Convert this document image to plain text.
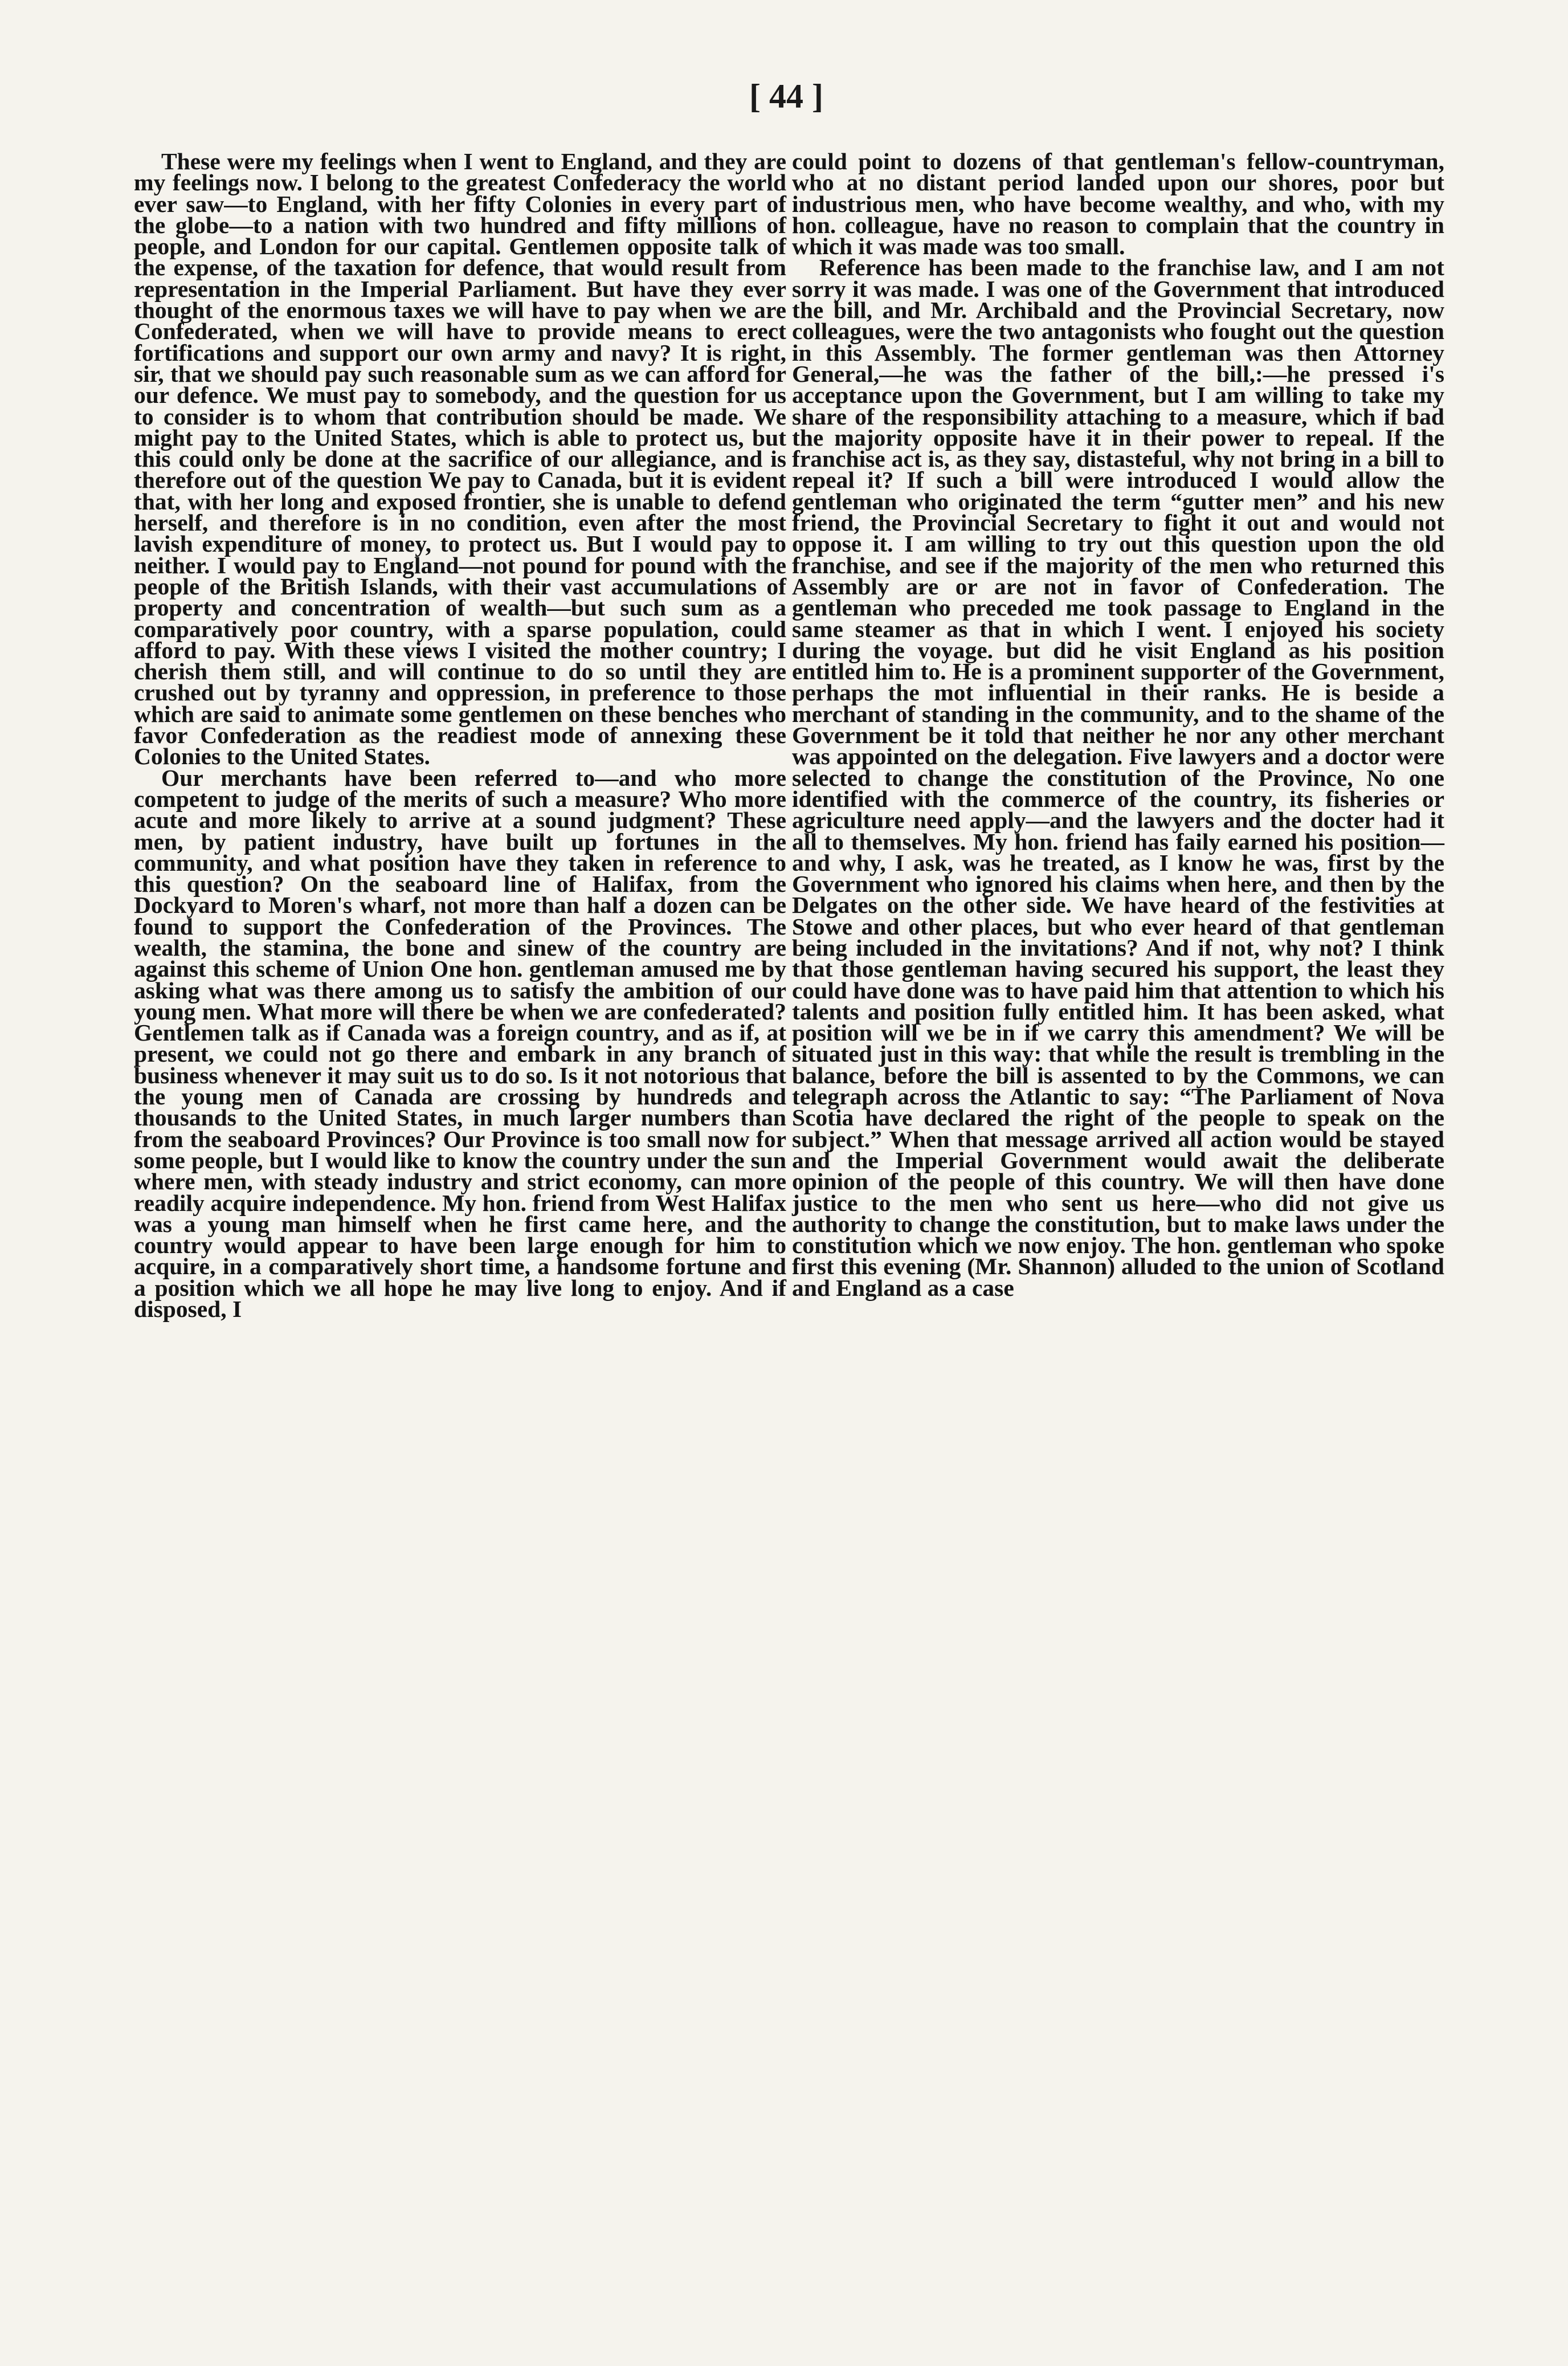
[ 44 ]

These were my feelings when I went to England, and they are my feelings now. I belong to the greatest Confederacy the world ever saw—to England, with her fifty Colonies in every part of the globe—to a nation with two hundred and fifty millions of people, and London for our capital. Gentlemen opposite talk of the expense, of the taxation for defence, that would result from representation in the Imperial Parliament. But have they ever thought of the enormous taxes we will have to pay when we are Confederated, when we will have to provide means to erect fortifications and support our own army and navy? It is right, sir, that we should pay such reasonable sum as we can afford for our defence. We must pay to somebody, and the question for us to consider is to whom that contribution should be made. We might pay to the United States, which is able to protect us, but this could only be done at the sacrifice of our allegiance, and is therefore out of the question We pay to Canada, but it is evident that, with her long and exposed frontier, she is unable to defend herself, and therefore is in no condition, even after the most lavish expenditure of money, to protect us. But I would pay to neither. I would pay to England—not pound for pound with the people of the British Islands, with their vast accumulations of property and concentration of wealth—but such sum as a comparatively poor country, with a sparse population, could afford to pay. With these views I visited the mother country; I cherish them still, and will continue to do so until they are crushed out by tyranny and oppression, in preference to those which are said to animate some gentlemen on these benches who favor Confederation as the readiest mode of annexing these Colonies to the United States.

Our merchants have been referred to—and who more competent to judge of the merits of such a measure? Who more acute and more likely to arrive at a sound judgment? These men, by patient industry, have built up fortunes in the community, and what position have they taken in reference to this question? On the seaboard line of Halifax, from the Dockyard to Moren's wharf, not more than half a dozen can be found to support the Confederation of the Provinces. The wealth, the stamina, the bone and sinew of the country are against this scheme of Union One hon. gentleman amused me by asking what was there among us to satisfy the ambition of our young men. What more will there be when we are confederated? Gentlemen talk as if Canada was a foreign country, and as if, at present, we could not go there and embark in any branch of business whenever it may suit us to do so. Is it not notorious that the young men of Canada are crossing by hundreds and thousands to the United States, in much larger numbers than from the seaboard Provinces? Our Province is too small now for some people, but I would like to know the country under the sun where men, with steady industry and strict economy, can more readily acquire independence. My hon. friend from West Halifax was a young man himself when he first came here, and the country would appear to have been large enough for him to acquire, in a comparatively short time, a handsome fortune and a position which we all hope he may live long to enjoy. And if disposed, I

could point to dozens of that gentleman's fellow-countryman, who at no distant period landed upon our shores, poor but industrious men, who have become wealthy, and who, with my hon. colleague, have no reason to complain that the country in which it was made was too small.

Reference has been made to the franchise law, and I am not sorry it was made. I was one of the Government that introduced the bill, and Mr. Archibald and the Provincial Secretary, now colleagues, were the two antagonists who fought out the question in this Assembly. The former gentleman was then Attorney General,—he was the father of the bill,:—he pressed i's acceptance upon the Government, but I am willing to take my share of the responsibility attaching to a measure, which if bad the majority opposite have it in their power to repeal. If the franchise act is, as they say, distasteful, why not bring in a bill to repeal it? If such a bill were introduced I would allow the gentleman who originated the term “gutter men” and his new friend, the Provincial Secretary to fight it out and would not oppose it. I am willing to try out this question upon the old franchise, and see if the majority of the men who returned this Assembly are or are not in favor of Confederation. The gentleman who preceded me took passage to England in the same steamer as that in which I went. I enjoyed his society during the voyage. but did he visit England as his position entitled him to. He is a prominent supporter of the Government, perhaps the mot influential in their ranks. He is beside a merchant of standing in the community, and to the shame of the Government be it told that neither he nor any other merchant was appointed on the delegation. Five lawyers and a doctor were selected to change the constitution of the Province, No one identified with the commerce of the country, its fisheries or agriculture need apply—and the lawyers and the docter had it all to themselves. My hon. friend has faily earned his position—and why, I ask, was he treated, as I know he was, first by the Government who ignored his claims when here, and then by the Delgates on the other side. We have heard of the festivities at Stowe and other places, but who ever heard of that gentleman being included in the invitations? And if not, why not? I think that those gentleman having secured his support, the least they could have done was to have paid him that attention to which his talents and position fully entitled him. It has been asked, what position will we be in if we carry this amendment? We will be situated just in this way: that while the result is trembling in the balance, before the bill is assented to by the Commons, we can telegraph across the Atlantic to say: “The Parliament of Nova Scotia have declared the right of the people to speak on the subject.” When that message arrived all action would be stayed and the Imperial Government would await the deliberate opinion of the people of this country. We will then have done justice to the men who sent us here—who did not give us authority to change the constitution, but to make laws under the constitution which we now enjoy. The hon. gentleman who spoke first this evening (Mr. Shannon) alluded to the union of Scotland and England as a case
